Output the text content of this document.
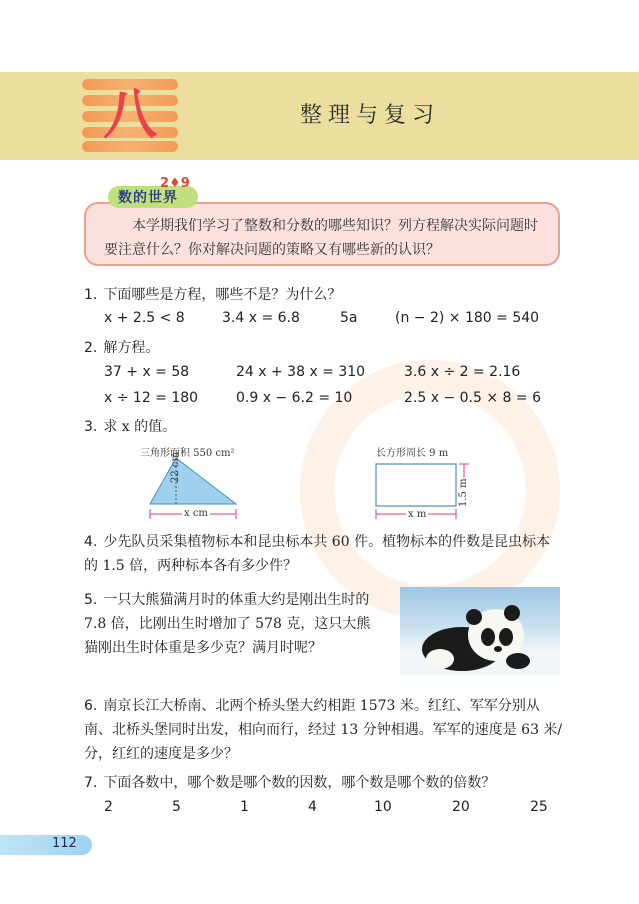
八	整理与复习

本学期我们学习了整数和分数的哪些知识？列方程解决实际问题时要注意什么？你对解决问题的策略又有哪些新的认识？

2♦9
数的世界
1. 下面哪些是方程，哪些不是？为什么？
x + 2.5 < 8	3.4 x = 6.8	5a	(n − 2) × 180 = 540
2. 解方程。
37 + x = 58	24 x + 38 x = 310	3.6 x ÷ 2 = 2.16
x ÷ 12 = 180	0.9 x − 6.2 = 10	2.5 x − 0.5 × 8 = 6
3. 求 x 的值。
三角形面积 550 cm²
22 cm
x cm
长方形周长 9 m
1.5 m
x m
4. 少先队员采集植物标本和昆虫标本共 60 件。植物标本的件数是昆虫标本的 1.5 倍，两种标本各有多少件？
5. 一只大熊猫满月时的体重大约是刚出生时的 7.8 倍，比刚出生时增加了 578 克，这只大熊猫刚出生时体重是多少克？满月时呢？
6. 南京长江大桥南、北两个桥头堡大约相距 1573 米。红红、军军分别从南、北桥头堡同时出发，相向而行，经过 13 分钟相遇。军军的速度是 63 米/分，红红的速度是多少？
7. 下面各数中，哪个数是哪个数的因数，哪个数是哪个数的倍数？
2	5	1	4	10	20	25
112
